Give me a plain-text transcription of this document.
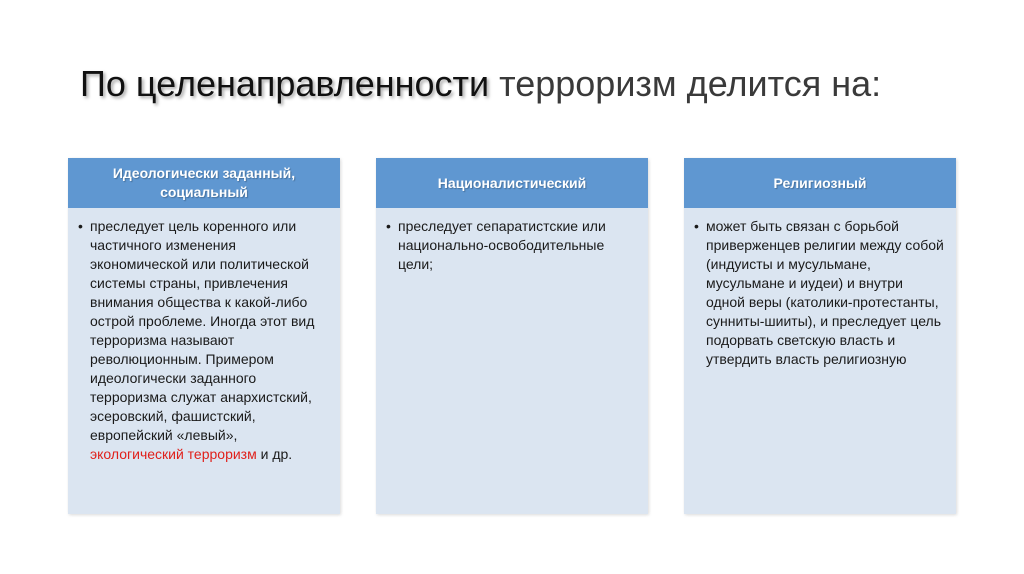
По целенаправленности терроризм делится на:
Идеологически заданный, социальный
• преследует цель коренного или частичного изменения экономической или политической системы страны, привлечения внимания общества к какой-либо острой проблеме. Иногда этот вид терроризма называют революционным. Примером идеологически заданного терроризма служат анархистский, эсеровский, фашистский, европейский «левый», экологический терроризм и др.
Националистический
• преследует сепаратистские или национально-освободительные цели;
Религиозный
• может быть связан с борьбой приверженцев религии между собой (индуисты и мусульмане, мусульмане и иудеи) и внутри одной веры (католики-протестанты, сунниты-шииты), и преследует цель подорвать светскую власть и утвердить власть религиозную
